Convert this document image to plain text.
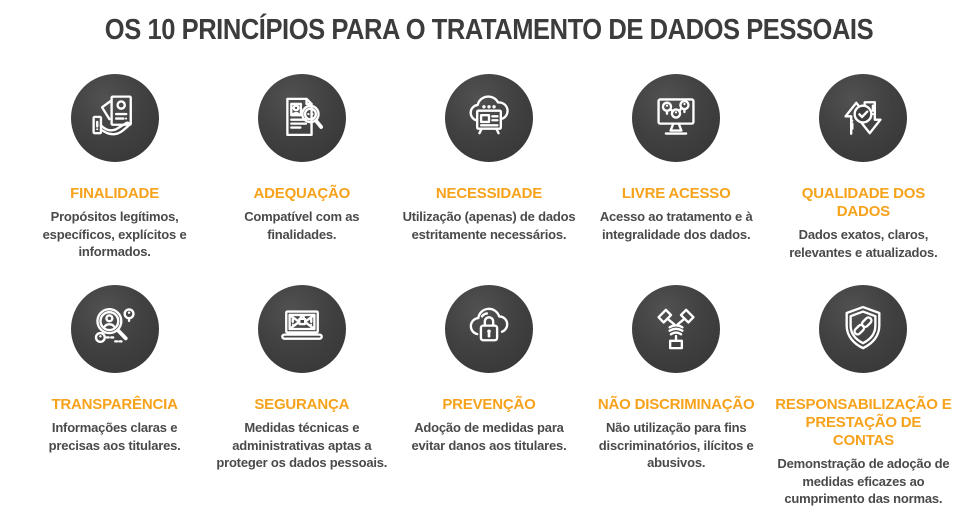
OS 10 PRINCÍPIOS PARA O TRATAMENTO DE DADOS PESSOAIS
FINALIDADE
Propósitos legítimos, específicos, explícitos e informados.
ADEQUAÇÃO
Compatível com as finalidades.
NECESSIDADE
Utilização (apenas) de dados estritamente necessários.
LIVRE ACESSO
Acesso ao tratamento e à integralidade dos dados.
QUALIDADE DOS DADOS
Dados exatos, claros, relevantes e atualizados.
TRANSPARÊNCIA
Informações claras e precisas aos titulares.
SEGURANÇA
Medidas técnicas e administrativas aptas a proteger os dados pessoais.
PREVENÇÃO
Adoção de medidas para evitar danos aos titulares.
NÃO DISCRIMINAÇÃO
Não utilização para fins discriminatórios, ilícitos e abusivos.
RESPONSABILIZAÇÃO E PRESTAÇÃO DE CONTAS
Demonstração de adoção de medidas eficazes ao cumprimento das normas.
